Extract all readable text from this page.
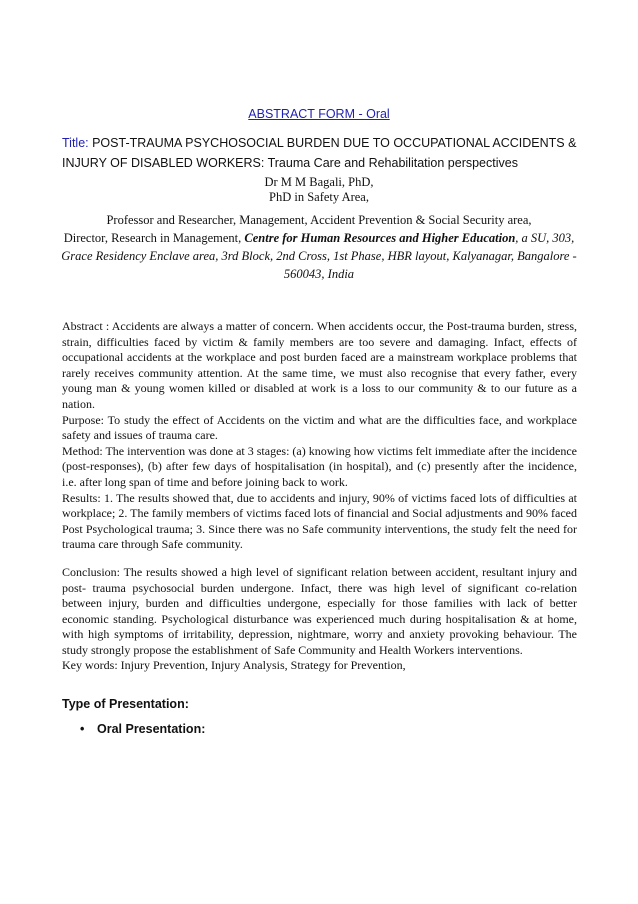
ABSTRACT FORM - Oral
Title: POST-TRAUMA PSYCHOSOCIAL BURDEN DUE TO OCCUPATIONAL ACCIDENTS & INJURY OF DISABLED WORKERS: Trauma Care and Rehabilitation perspectives
Dr M M Bagali, PhD,
PhD in Safety Area,
Professor and Researcher, Management, Accident Prevention & Social Security area,
Director, Research in Management, Centre for Human Resources and Higher Education, a SU, 303, Grace Residency Enclave area, 3rd Block, 2nd Cross, 1st Phase, HBR layout, Kalyanagar, Bangalore - 560043, India

Abstract : Accidents are always a matter of concern. When accidents occur, the Post-trauma burden, stress, strain, difficulties faced by victim & family members are too severe and damaging. Infact, effects of occupational accidents at the workplace and post burden faced are a mainstream workplace problems that rarely receives community attention. At the same time, we must also recognise that every father, every young man & young women killed or disabled at work is a loss to our community & to our future as a nation.

Purpose: To study the effect of Accidents on the victim and what are the difficulties face, and workplace safety and issues of trauma care.

Method: The intervention was done at 3 stages: (a) knowing how victims felt immediate after the incidence (post-responses), (b) after few days of hospitalisation (in hospital), and (c) presently after the incidence, i.e. after long span of time and before joining back to work.

Results: 1. The results showed that, due to accidents and injury, 90% of victims faced lots of difficulties at workplace; 2. The family members of victims faced lots of financial and Social adjustments and 90% faced Post Psychological trauma; 3. Since there was no Safe community interventions, the study felt the need for trauma care through Safe community.

Conclusion: The results showed a high level of significant relation between accident, resultant injury and post- trauma psychosocial burden undergone. Infact, there was high level of significant co-relation between injury, burden and difficulties undergone, especially for those families with lack of better economic standing. Psychological disturbance was experienced much during hospitalisation & at home, with high symptoms of irritability, depression, nightmare, worry and anxiety provoking behaviour. The study strongly propose the establishment of Safe Community and Health Workers interventions.

Key words: Injury Prevention, Injury Analysis, Strategy for Prevention,

Type of Presentation:
• Oral Presentation:
